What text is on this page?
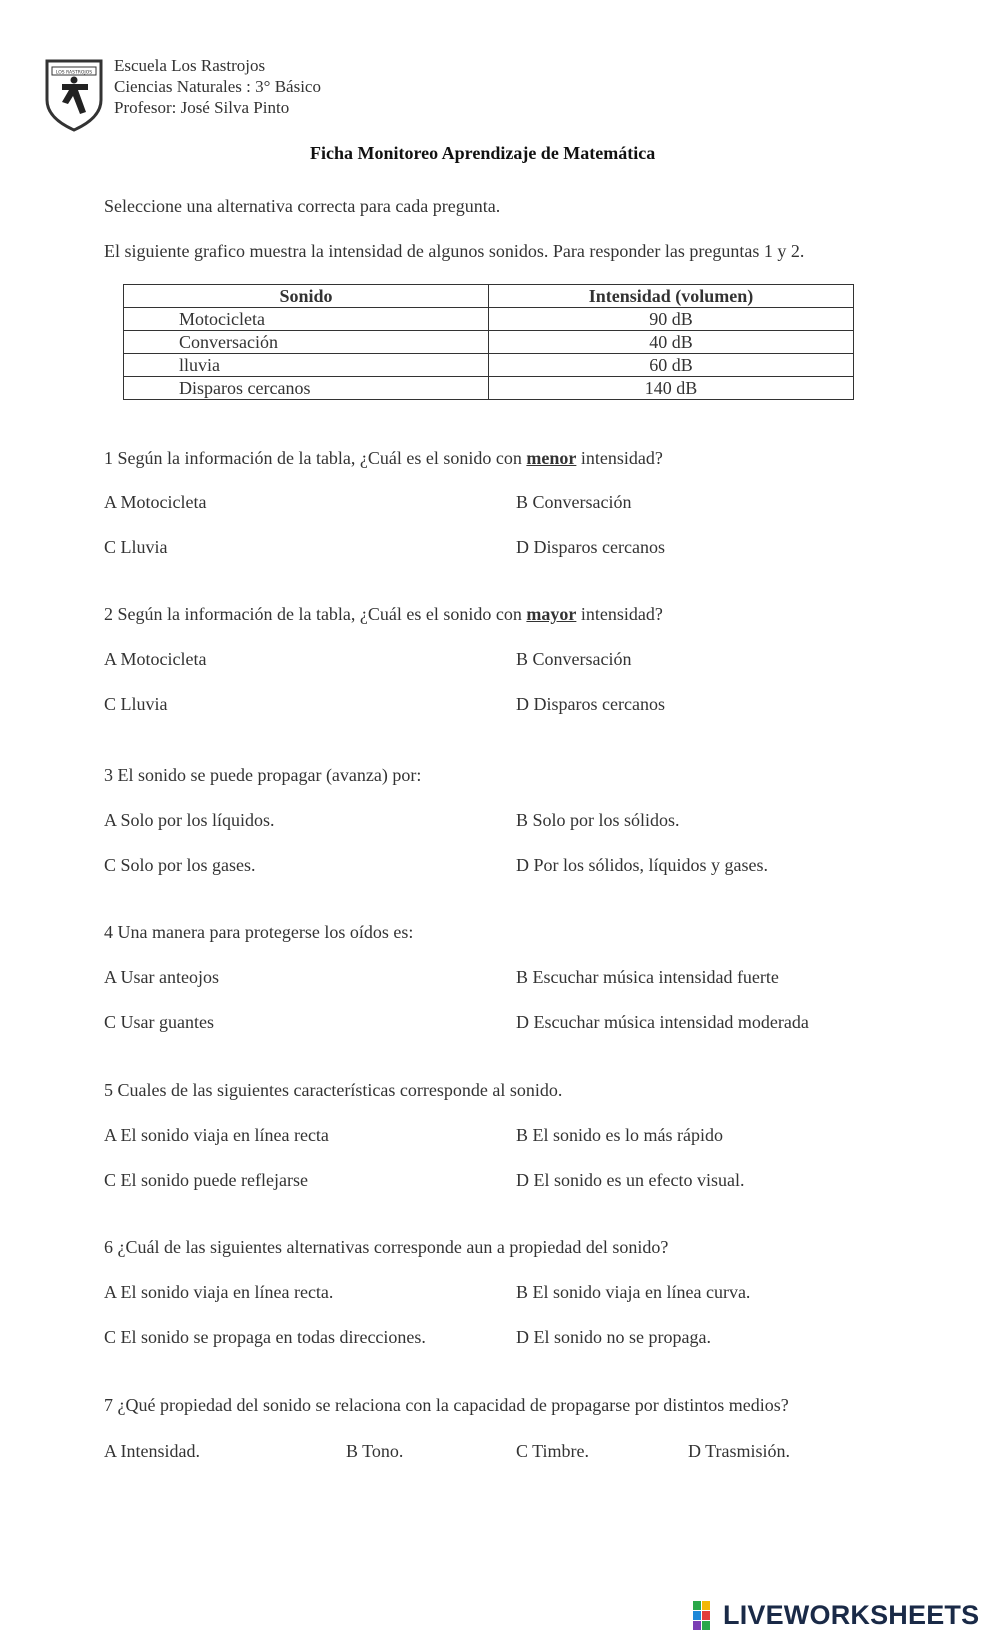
LOS RASTROJOS Escuela Los Rastrojos
Ciencias Naturales : 3° Básico
Profesor: José Silva Pinto
Ficha Monitoreo Aprendizaje de Matemática
Seleccione una alternativa correcta para cada pregunta.
El siguiente grafico muestra la intensidad de algunos sonidos. Para responder las preguntas 1 y 2.
Sonido	Intensidad (volumen)
Motocicleta	90 dB
Conversación	40 dB
lluvia	60 dB
Disparos cercanos	140 dB
1 Según la información de la tabla, ¿Cuál es el sonido con menor intensidad?
A Motocicleta	B Conversación
C Lluvia	D Disparos cercanos
2 Según la información de la tabla, ¿Cuál es el sonido con mayor intensidad?
A Motocicleta	B Conversación
C Lluvia	D Disparos cercanos
3 El sonido se puede propagar (avanza) por:
A Solo por los líquidos.	B Solo por los sólidos.
C Solo por los gases.	D Por los sólidos, líquidos y gases.
4 Una manera para protegerse los oídos es:
A Usar anteojos	B Escuchar música intensidad fuerte
C Usar guantes	D Escuchar música intensidad moderada
5 Cuales de las siguientes características corresponde al sonido.
A El sonido viaja en línea recta	B El sonido es lo más rápido
C El sonido puede reflejarse	D El sonido es un efecto visual.
6 ¿Cuál de las siguientes alternativas corresponde aun a propiedad del sonido?
A El sonido viaja en línea recta.	B El sonido viaja en línea curva.
C El sonido se propaga en todas direcciones.	D El sonido no se propaga.
7 ¿Qué propiedad del sonido se relaciona con la capacidad de propagarse por distintos medios?
A Intensidad.	B Tono.	C Timbre.	D Trasmisión.
LIVEWORKSHEETS
